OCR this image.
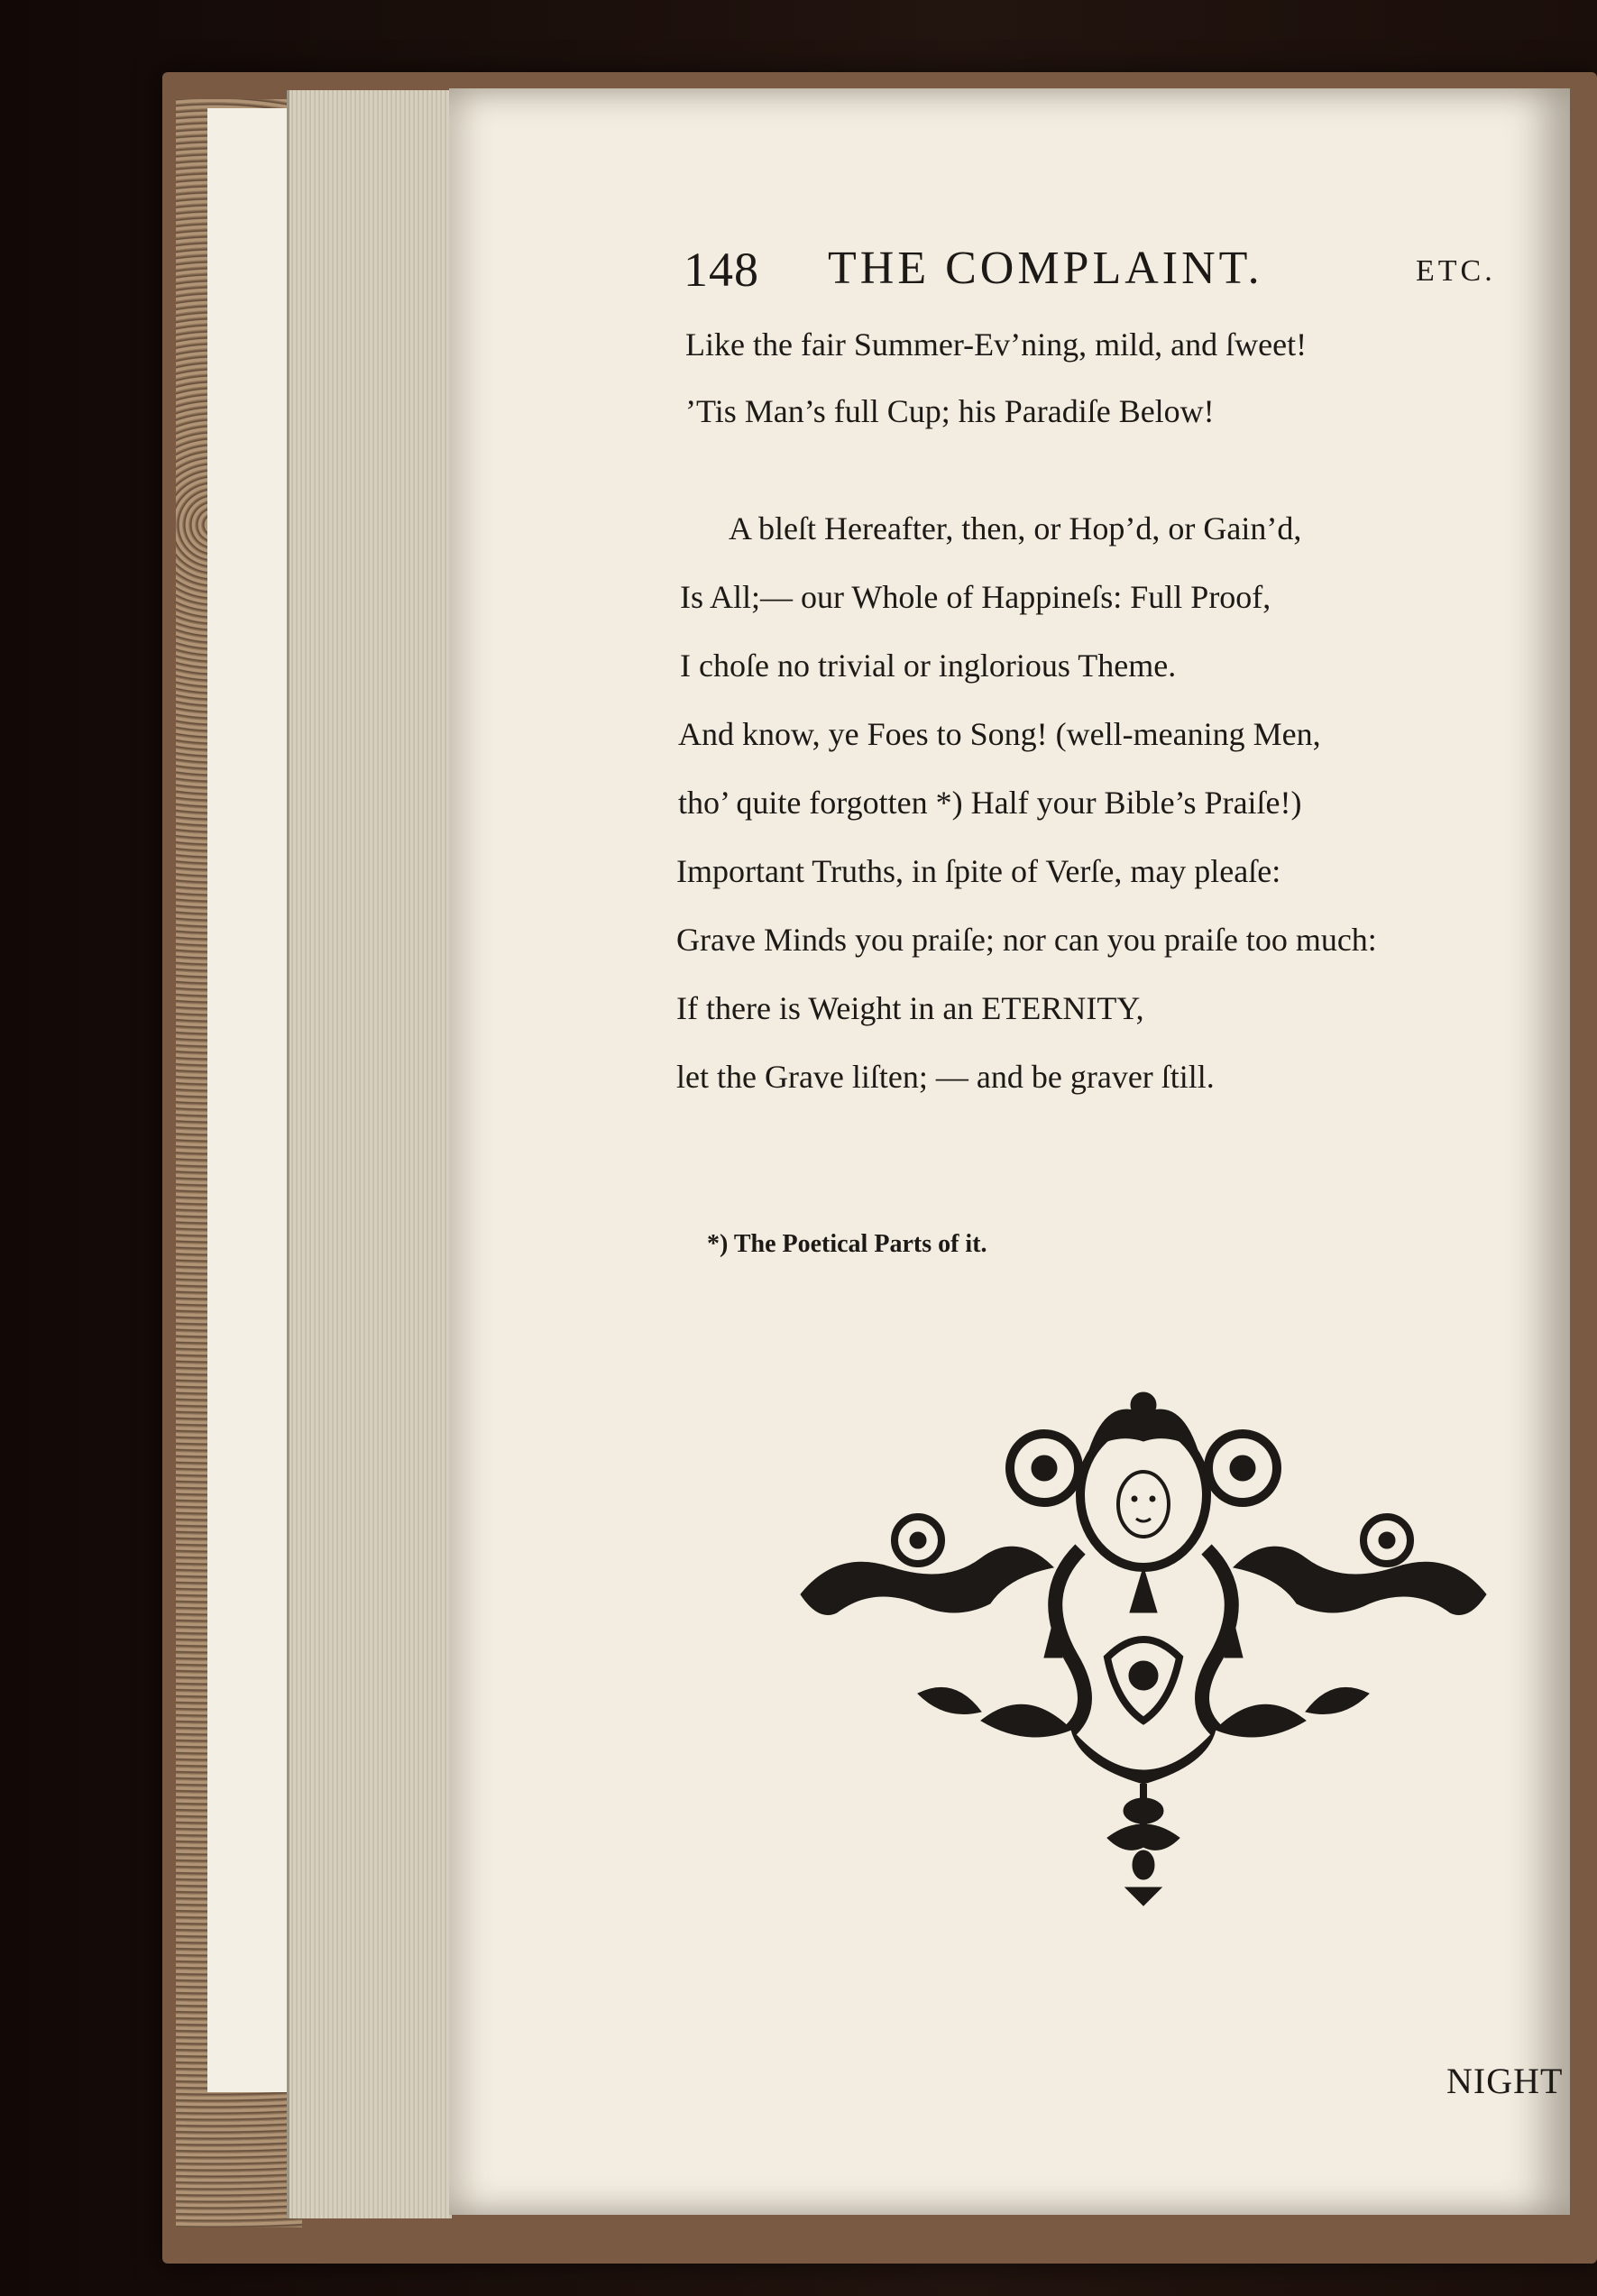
148 THE COMPLAINT.	ETC.
Like the fair Summer-Ev’ning, mild, and ſweet!
’Tis Man’s full Cup; his Paradiſe Below!
A bleſt Hereafter, then, or Hop’d, or Gain’d,
Is All;— our Whole of Happineſs: Full Proof,
I choſe no trivial or inglorious Theme.
And know, ye Foes to Song! (well-meaning Men,
tho’ quite forgotten *) Half your Bible’s Praiſe!)
Important Truths, in ſpite of Verſe, may pleaſe:
Grave Minds you praiſe; nor can you praiſe too much:
If there is Weight in an ETERNITY,
let the Grave liſten; — and be graver ſtill.
*) The Poetical Parts of it.
NIGHT
